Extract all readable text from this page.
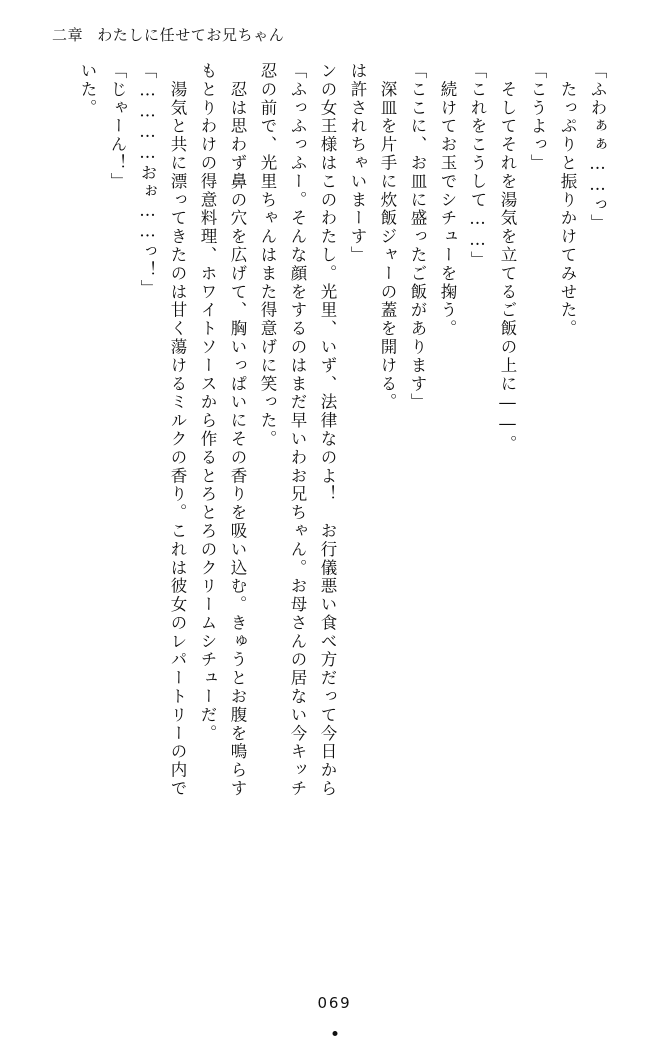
二章 わたしに任せてお兄ちゃん
いた。 「じゃーん！」 「…………おぉ……っ！」 　湯気と共に漂ってきたのは甘く蕩けるミルクの香り。これは彼女のレパートリーの内で もとりわけの得意料理、ホワイトソースから作るとろとろのクリームシチューだ。 　忍は思わず鼻の穴を広げて、胸いっぱいにその香りを吸い込む。きゅうとお腹を鳴らす 忍の前で、光里ちゃんはまた得意げに笑った。 「ふっふっふー。そんな顔をするのはまだ早いわお兄ちゃん。お母さんの居ない今キッチ ンの女王様はこのわたし。光里、いず、法律なのよ！　お行儀悪い食べ方だって今日から は許されちゃいまーす」 　深皿を片手に炊飯ジャーの蓋を開ける。 「ここに、お皿に盛ったご飯があります」 　続けてお玉でシチューを掬う。 「これをこうして……」 　そしてそれを湯気を立てるご飯の上に――。 「こうよっ」 　たっぷりと振りかけてみせた。 「ふわぁぁ……っ」
069
